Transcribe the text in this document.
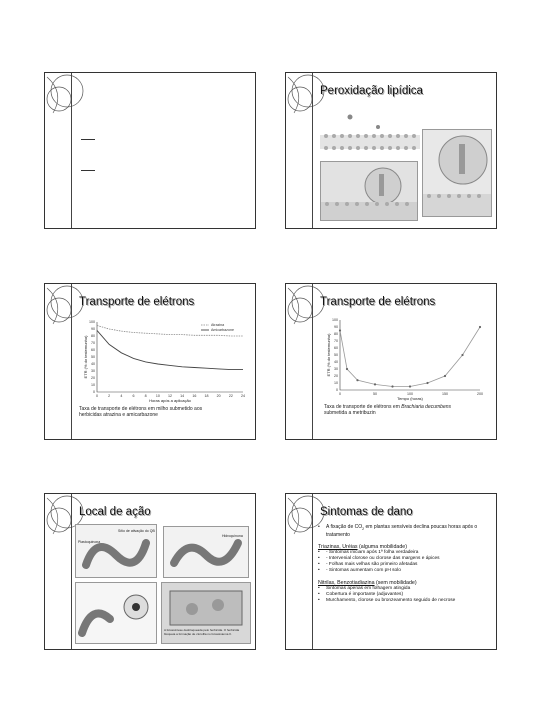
Peroxidação lipídica
Transporte de elétrons
0
10
20
30
40
50
60
70
80
90
100
0	2	4	6	8	10 12 14 16 18 20 22 24
Horas após a aplicação
ETR (% do testemunha)
Atrazina
Amicarbazone
Taxa de transporte de elétrons em milho submetido aos herbicidas atrazina e amicarbazone
Transporte de elétrons
0
10
20
30
40
50
60
70
80
90
100
0	50	100	150	200
Tempo (horas)
ETR (% do testemunha)
Taxa de transporte de elétrons em Brachiaria decumbens submetida a metribuzin
Local de ação
Plastoquinona
Sítio de ativação do QB
Hidroquinona
A fotossíntese desbloqueada pelo herbicida. O herbicida bloqueia a formação de clorofila no fotossistema II.
Sintomas de dano
• A fixação de $CO_2$ em plantas sensíveis declina poucas horas após o tratamento
Triazinas, Uréias (alguma mobilidade)
• - Sintomas iniciam após 1ª folha verdadeira
• - Intervenial clorose ou clorose das margens e ápices
• - Folhas mais velhas são primeiro afetadas
• - Sintomas aumentam com pH solo
Nitrilas, Benzotiadiazina (sem mobilidade)
• Sintomas apenas em folhagem atingida
• Cobertura é importante (adjuvantes)
• Murchamento, clorose ou bronzeamento seguido de necrose
